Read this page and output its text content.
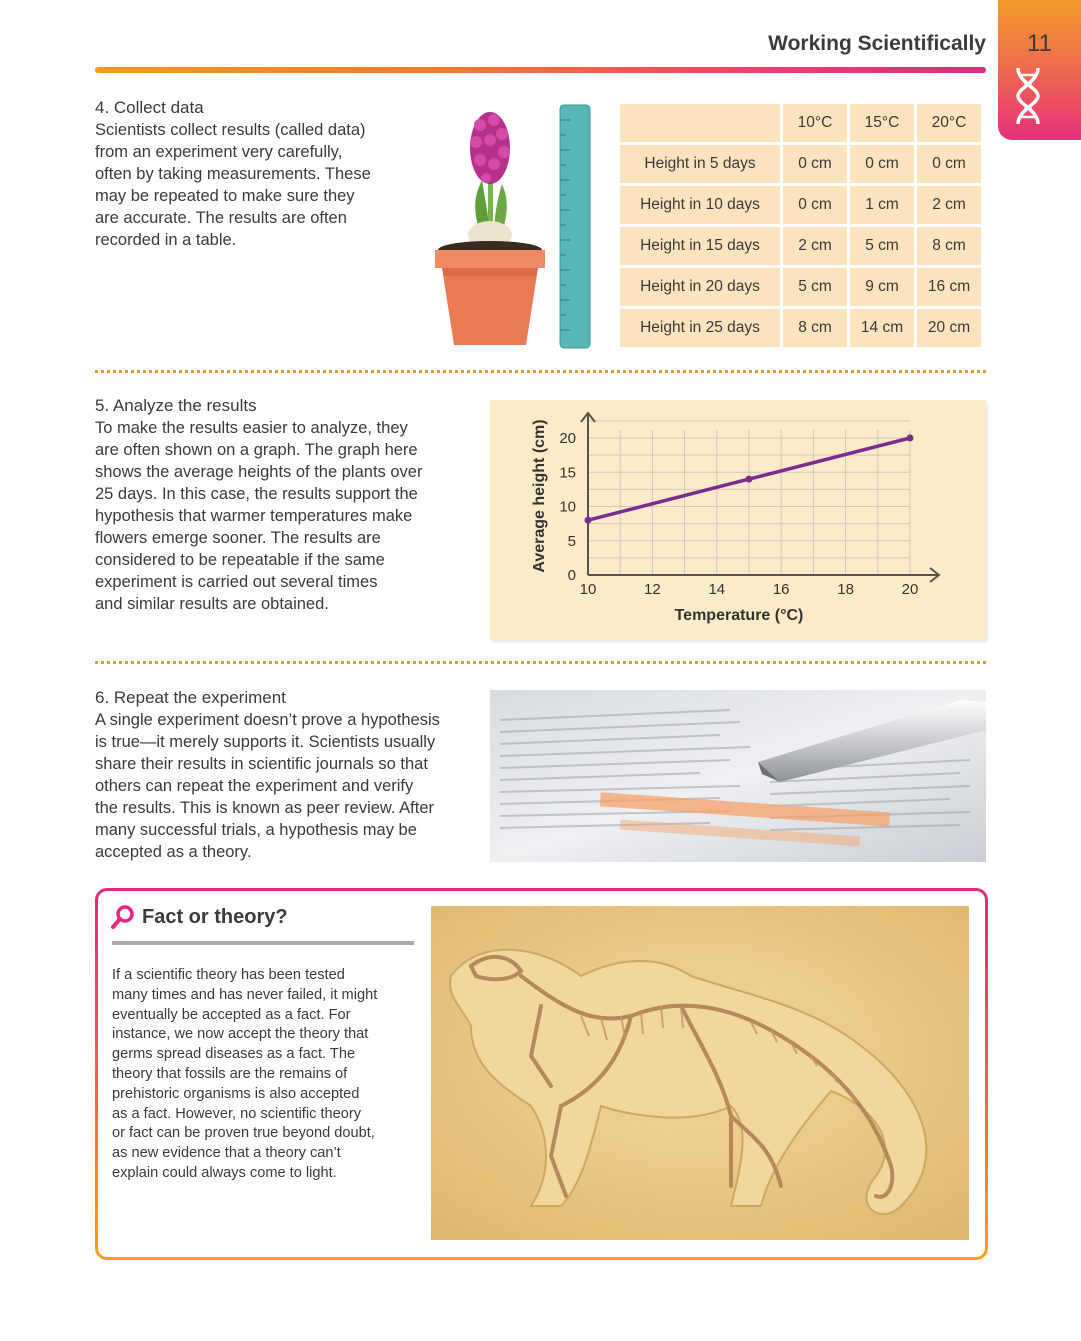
Working Scientifically	11
4. Collect data
Scientists collect results (called data)
from an experiment very carefully,
often by taking measurements. These
may be repeated to make sure they
are accurate. The results are often
recorded in a table.
	10°C	15°C	20°C
Height in 5 days	0 cm	0 cm	0 cm
Height in 10 days	0 cm	1 cm	2 cm
Height in 15 days	2 cm	5 cm	8 cm
Height in 20 days	5 cm	9 cm	16 cm
Height in 25 days	8 cm	14 cm	20 cm
5. Analyze the results
To make the results easier to analyze, they
are often shown on a graph. The graph here
shows the average heights of the plants over
25 days. In this case, the results support the
hypothesis that warmer temperatures make
flowers emerge sooner. The results are
considered to be repeatable if the same
experiment is carried out several times
and similar results are obtained.
10	12	14	16	18	20
0
5
10
15
20
Temperature (°C)
Average height (cm)
6. Repeat the experiment
A single experiment doesn’t prove a hypothesis
is true—it merely supports it. Scientists usually
share their results in scientific journals so that
others can repeat the experiment and verify
the results. This is known as peer review. After
many successful trials, a hypothesis may be
accepted as a theory.
Fact or theory?
If a scientific theory has been tested
many times and has never failed, it might
eventually be accepted as a fact. For
instance, we now accept the theory that
germs spread diseases as a fact. The
theory that fossils are the remains of
prehistoric organisms is also accepted
as a fact. However, no scientific theory
or fact can be proven true beyond doubt,
as new evidence that a theory can’t
explain could always come to light.
